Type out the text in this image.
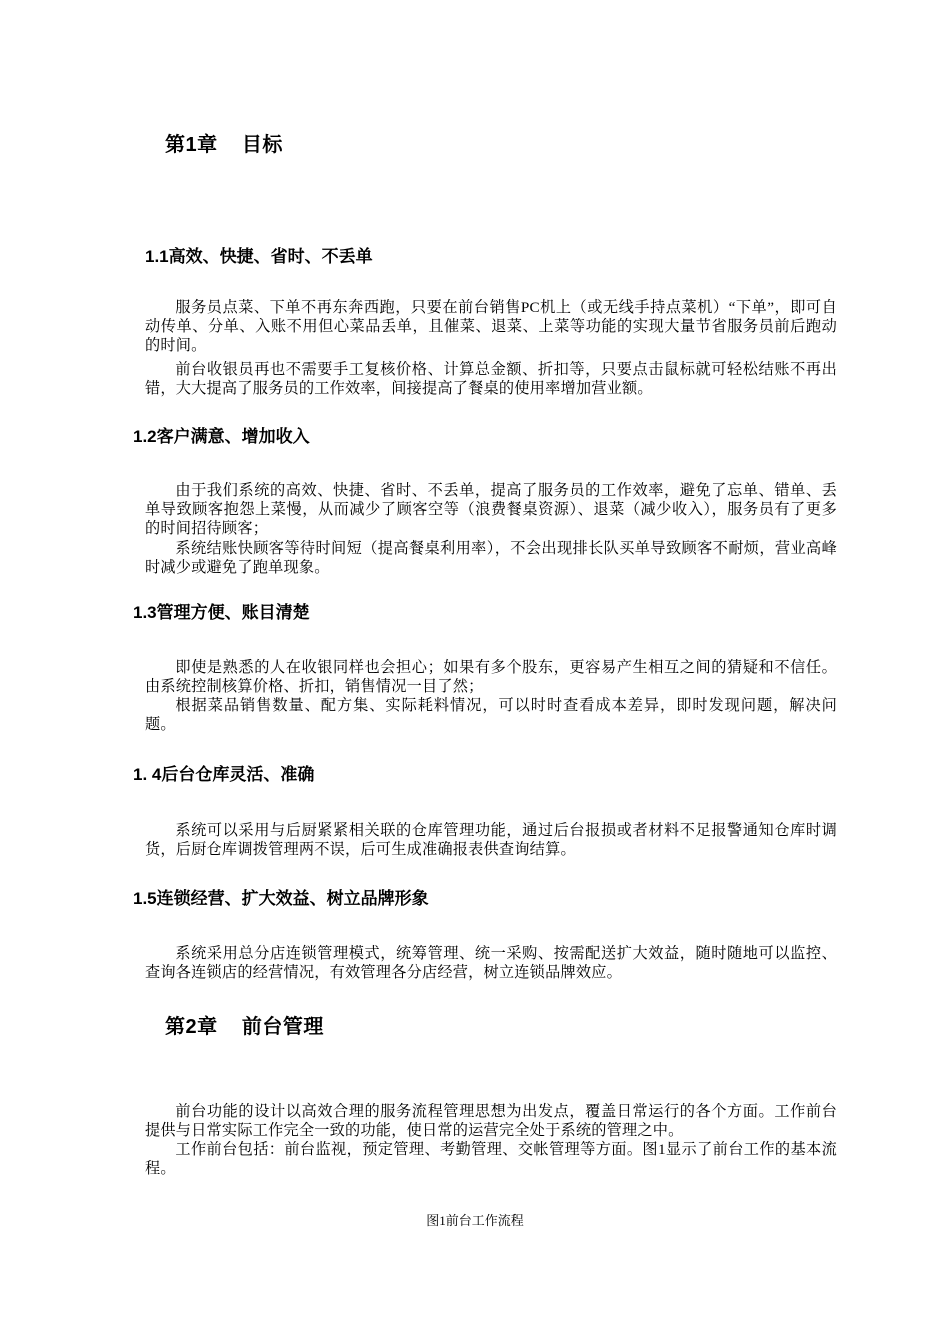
第1章    目标
1.1高效、快捷、省时、不丢单

服务员点菜、下单不再东奔西跑，只要在前台销售PC机上（或无线手持点菜机）“下单”，即可自动传单、分单、入账不用但心菜品丢单，且催菜、退菜、上菜等功能的实现大量节省服务员前后跑动的时间。

前台收银员再也不需要手工复核价格、计算总金额、折扣等，只要点击鼠标就可轻松结账不再出错，大大提高了服务员的工作效率，间接提高了餐桌的使用率增加营业额。

1.2客户满意、增加收入

由于我们系统的高效、快捷、省时、不丢单，提高了服务员的工作效率，避免了忘单、错单、丢单导致顾客抱怨上菜慢，从而减少了顾客空等（浪费餐桌资源）、退菜（减少收入），服务员有了更多的时间招待顾客；

系统结账快顾客等待时间短（提高餐桌利用率），不会出现排长队买单导致顾客不耐烦，营业高峰时减少或避免了跑单现象。

1.3管理方便、账目清楚

即使是熟悉的人在收银同样也会担心；如果有多个股东，更容易产生相互之间的猜疑和不信任。由系统控制核算价格、折扣，销售情况一目了然；

根据菜品销售数量、配方集、实际耗料情况，可以时时查看成本差异，即时发现问题，解决问题。

1. 4后台仓库灵活、准确

系统可以采用与后厨紧紧相关联的仓库管理功能，通过后台报损或者材料不足报警通知仓库时调货，后厨仓库调拨管理两不误，后可生成准确报表供查询结算。

1.5连锁经营、扩大效益、树立品牌形象

系统采用总分店连锁管理模式，统筹管理、统一采购、按需配送扩大效益，随时随地可以监控、查询各连锁店的经营情况，有效管理各分店经营，树立连锁品牌效应。

第2章    前台管理

前台功能的设计以高效合理的服务流程管理思想为出发点，覆盖日常运行的各个方面。工作前台提供与日常实际工作完全一致的功能，使日常的运营完全处于系统的管理之中。

工作前台包括：前台监视，预定管理、考勤管理、交帐管理等方面。图1显示了前台工作的基本流程。

图1前台工作流程
